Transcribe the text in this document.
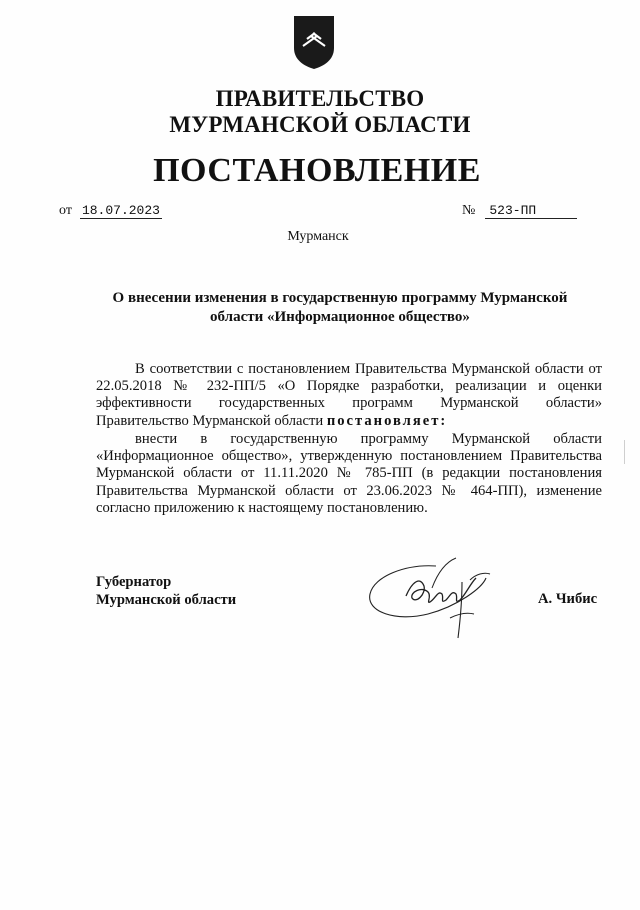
ПРАВИТЕЛЬСТВО
МУРМАНСКОЙ ОБЛАСТИ
ПОСТАНОВЛЕНИЕ
от 18.07.2023	№ 523-ПП
Мурманск
О внесении изменения в государственную программу Мурманской области «Информационное общество»
В соответствии с постановлением Правительства Мурманской области от 22.05.2018 № 232-ПП/5 «О Порядке разработки, реализации и оценки эффективности государственных программ Мурманской области» Правительство Мурманской области постановляет:
внести в государственную программу Мурманской области «Информационное общество», утвержденную постановлением Правительства Мурманской области от 11.11.2020 № 785-ПП (в редакции постановления Правительства Мурманской области от 23.06.2023 № 464-ПП), изменение согласно приложению к настоящему постановлению.
Губернатор
Мурманской области	А. Чибис
